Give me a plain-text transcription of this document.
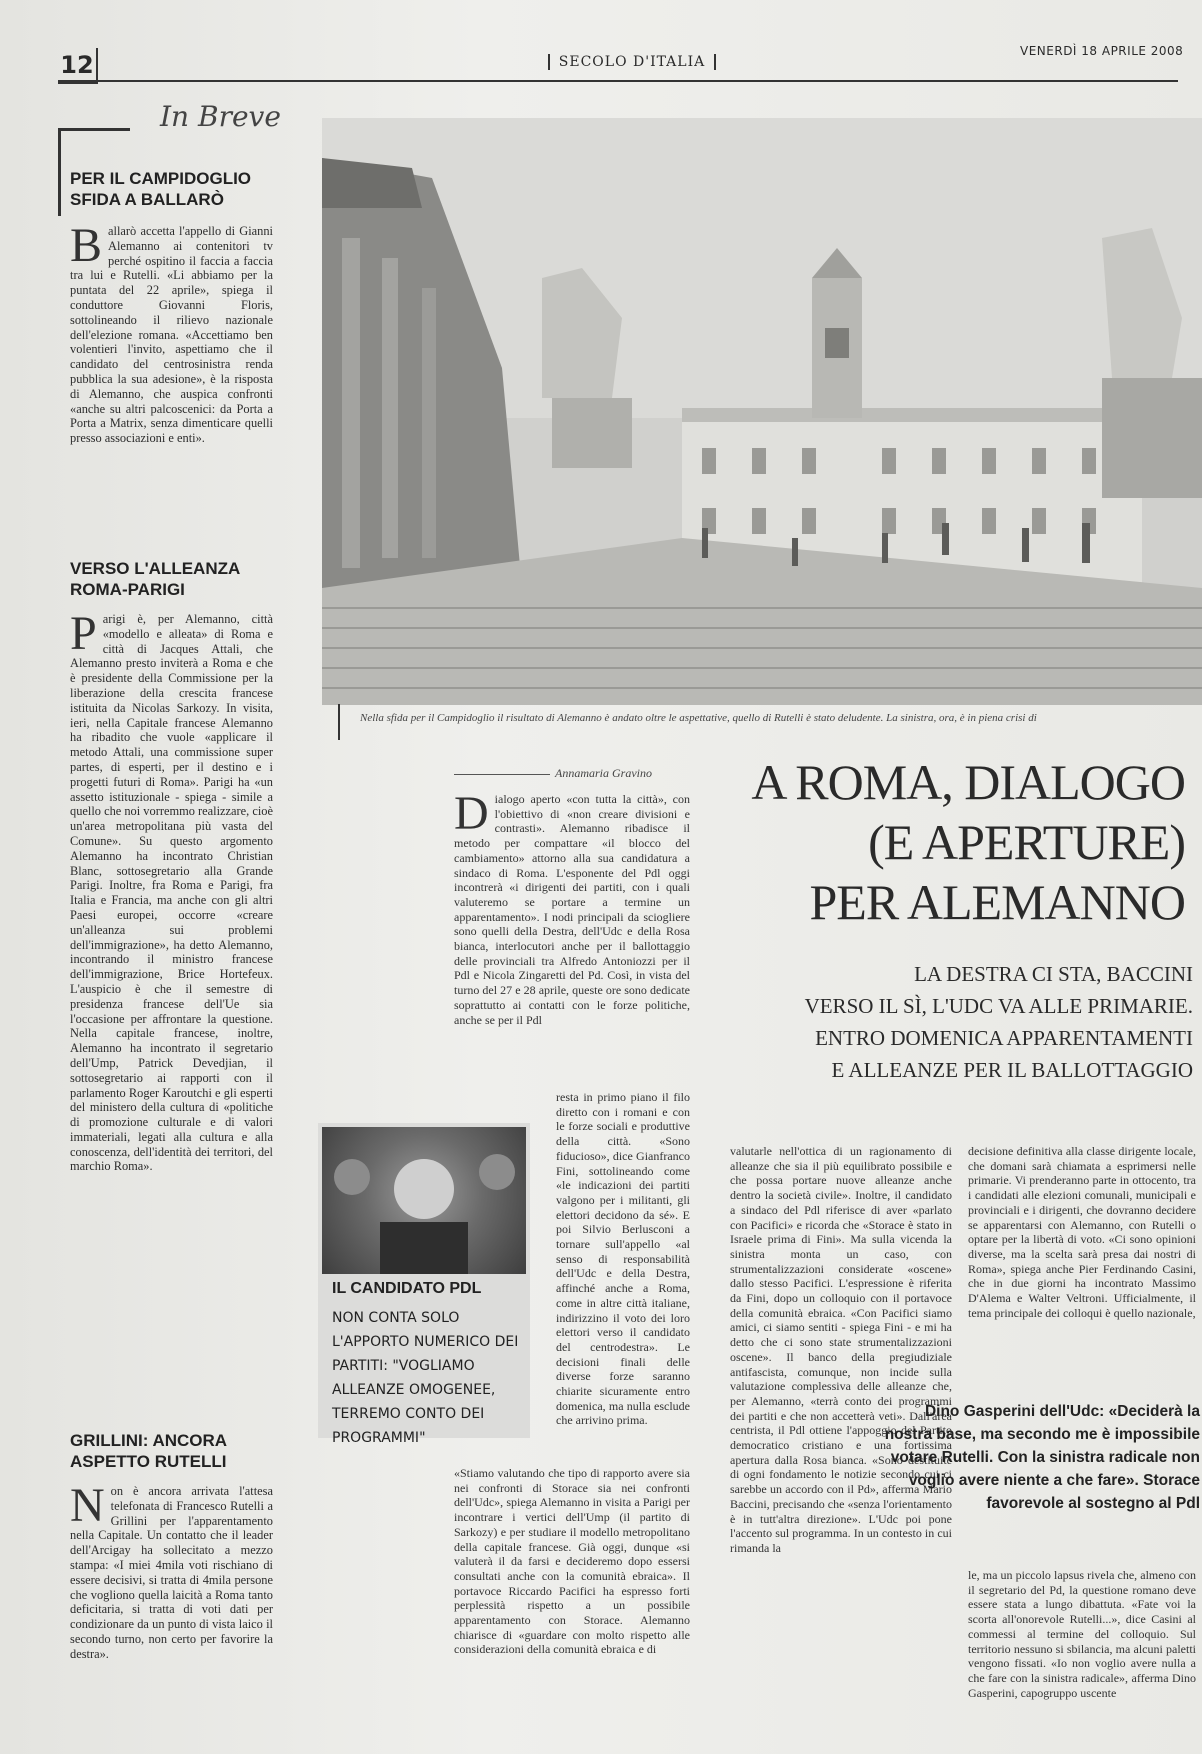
12	SECOLO D'ITALIA
VENERDÌ 18 APRILE 2008
In Breve
PER IL CAMPIDOGLIO SFIDA A BALLARÒ
Ballarò accetta l'appello di Gianni Alemanno ai contenitori tv perché ospitino il faccia a faccia tra lui e Rutelli. «Li abbiamo per la puntata del 22 aprile», spiega il conduttore Giovanni Floris, sottolineando il rilievo nazionale dell'elezione romana. «Accettiamo ben volentieri l'invito, aspettiamo che il candidato del centrosinistra renda pubblica la sua adesione», è la risposta di Alemanno, che auspica confronti «anche su altri palcoscenici: da Porta a Porta a Matrix, senza dimenticare quelli presso associazioni e enti».
VERSO L'ALLEANZA ROMA-PARIGI
Parigi è, per Alemanno, città «modello e alleata» di Roma e città di Jacques Attali, che Alemanno presto inviterà a Roma e che è presidente della Commissione per la liberazione della crescita francese istituita da Nicolas Sarkozy. In visita, ieri, nella Capitale francese Alemanno ha ribadito che vuole «applicare il metodo Attali, una commissione super partes, di esperti, per il destino e i progetti futuri di Roma». Parigi ha «un assetto istituzionale - spiega - simile a quello che noi vorremmo realizzare, cioè un'area metropolitana più vasta del Comune». Su questo argomento Alemanno ha incontrato Christian Blanc, sottosegretario alla Grande Parigi. Inoltre, fra Roma e Parigi, fra Italia e Francia, ma anche con gli altri Paesi europei, occorre «creare un'alleanza sui problemi dell'immigrazione», ha detto Alemanno, incontrando il ministro francese dell'immigrazione, Brice Hortefeux. L'auspicio è che il semestre di presidenza francese dell'Ue sia l'occasione per affrontare la questione. Nella capitale francese, inoltre, Alemanno ha incontrato il segretario dell'Ump, Patrick Devedjian, il sottosegretario ai rapporti con il parlamento Roger Karoutchi e gli esperti del ministero della cultura di «politiche di promozione culturale e di valori immateriali, legati alla cultura e alla conoscenza, dell'identità dei territori, del marchio Roma».
GRILLINI: ANCORA ASPETTO RUTELLI
Non è ancora arrivata l'attesa telefonata di Francesco Rutelli a Grillini per l'apparentamento nella Capitale. Un contatto che il leader dell'Arcigay ha sollecitato a mezzo stampa: «I miei 4mila voti rischiano di essere decisivi, si tratta di 4mila persone che vogliono quella laicità a Roma tanto deficitaria, si tratta di voti dati per condizionare da un punto di vista laico il secondo turno, non certo per favorire la destra».
Nella sfida per il Campidoglio il risultato di Alemanno è andato oltre le aspettative, quello di Rutelli è stato deludente. La sinistra, ora, è in piena crisi di
Annamaria Gravino	A ROMA, DIALOGO
(E APERTURE)
PER ALEMANNO
LA DESTRA CI STA, BACCINI
VERSO IL SÌ, L'UDC VA ALLE PRIMARIE.
ENTRO DOMENICA APPARENTAMENTI
E ALLEANZE PER IL BALLOTTAGGIO
Dialogo aperto «con tutta la città», con l'obiettivo di «non creare divisioni e contrasti». Alemanno ribadisce il metodo per compattare «il blocco del cambiamento» attorno alla sua candidatura a sindaco di Roma. L'esponente del Pdl oggi incontrerà «i dirigenti dei partiti, con i quali valuteremo se portare a termine un apparentamento». I nodi principali da sciogliere sono quelli della Destra, dell'Udc e della Rosa bianca, interlocutori anche per il ballottaggio delle provinciali tra Alfredo Antoniozzi per il Pdl e Nicola Zingaretti del Pd. Così, in vista del turno del 27 e 28 aprile, queste ore sono dedicate soprattutto ai contatti con le forze politiche, anche se per il Pdl
resta in primo piano il filo diretto con i romani e con le forze sociali e produttive della città. «Sono fiducioso», dice Gianfranco Fini, sottolineando come «le indicazioni dei partiti valgono per i militanti, gli elettori decidono da sé». E poi Silvio Berlusconi a tornare sull'appello «al senso di responsabilità dell'Udc e della Destra, affinché anche a Roma, come in altre città italiane, indirizzino il voto dei loro elettori verso il candidato del centrodestra». Le decisioni finali delle diverse forze saranno chiarite sicuramente entro domenica, ma nulla esclude che arrivino prima.
«Stiamo valutando che tipo di rapporto avere sia nei confronti di Storace sia nei confronti dell'Udc», spiega Alemanno in visita a Parigi per incontrare i vertici dell'Ump (il partito di Sarkozy) e per studiare il modello metropolitano della capitale francese. Già oggi, dunque «si valuterà il da farsi e decideremo dopo essersi consultati anche con la comunità ebraica». Il portavoce Riccardo Pacifici ha espresso forti perplessità rispetto a un possibile apparentamento con Storace. Alemanno chiarisce di «guardare con molto rispetto alle considerazioni della comunità ebraica e di
IL CANDIDATO PDL
NON CONTA SOLO L'APPORTO NUMERICO DEI PARTITI: "VOGLIAMO ALLEANZE OMOGENEE, TERREMO CONTO DEI PROGRAMMI"
valutarle nell'ottica di un ragionamento di alleanze che sia il più equilibrato possibile e che possa portare nuove alleanze anche dentro la società civile». Inoltre, il candidato a sindaco del Pdl riferisce di aver «parlato con Pacifici» e ricorda che «Storace è stato in Israele prima di Fini». Ma sulla vicenda la sinistra monta un caso, con strumentalizzazioni considerate «oscene» dallo stesso Pacifici. L'espressione è riferita da Fini, dopo un colloquio con il portavoce della comunità ebraica. «Con Pacifici siamo amici, ci siamo sentiti - spiega Fini - e mi ha detto che ci sono state strumentalizzazioni oscene». Il banco della pregiudiziale antifascista, comunque, non incide sulla valutazione complessiva delle alleanze che, per Alemanno, «terrà conto dei programmi dei partiti e che non accetterà veti». Dall'area centrista, il Pdl ottiene l'appoggio del Partito democratico cristiano e una fortissima apertura dalla Rosa bianca. «Sono destituite di ogni fondamento le notizie secondo cui ci sarebbe un accordo con il Pd», afferma Mario Baccini, precisando che «senza l'orientamento è in tutt'altra direzione». L'Udc poi pone l'accento sul programma. In un contesto in cui rimanda la
decisione definitiva alla classe dirigente locale, che domani sarà chiamata a esprimersi nelle primarie. Vi prenderanno parte in ottocento, tra i candidati alle elezioni comunali, municipali e provinciali e i dirigenti, che dovranno decidere se apparentarsi con Alemanno, con Rutelli o optare per la libertà di voto. «Ci sono opinioni diverse, ma la scelta sarà presa dai nostri di Roma», spiega anche Pier Ferdinando Casini, che in due giorni ha incontrato Massimo D'Alema e Walter Veltroni. Ufficialmente, il tema principale dei colloqui è quello nazionale,
Dino Gasperini dell'Udc: «Deciderà la nostra base, ma secondo me è impossibile votare Rutelli. Con la sinistra radicale non voglio avere niente a che fare». Storace favorevole al sostegno al Pdl
le, ma un piccolo lapsus rivela che, almeno con il segretario del Pd, la questione romano deve essere stata a lungo dibattuta. «Fate voi la scorta all'onorevole Rutelli...», dice Casini al commessi al termine del colloquio. Sul territorio nessuno si sbilancia, ma alcuni paletti vengono fissati. «Io non voglio avere nulla a che fare con la sinistra radicale», afferma Dino Gasperini, capogruppo uscente
